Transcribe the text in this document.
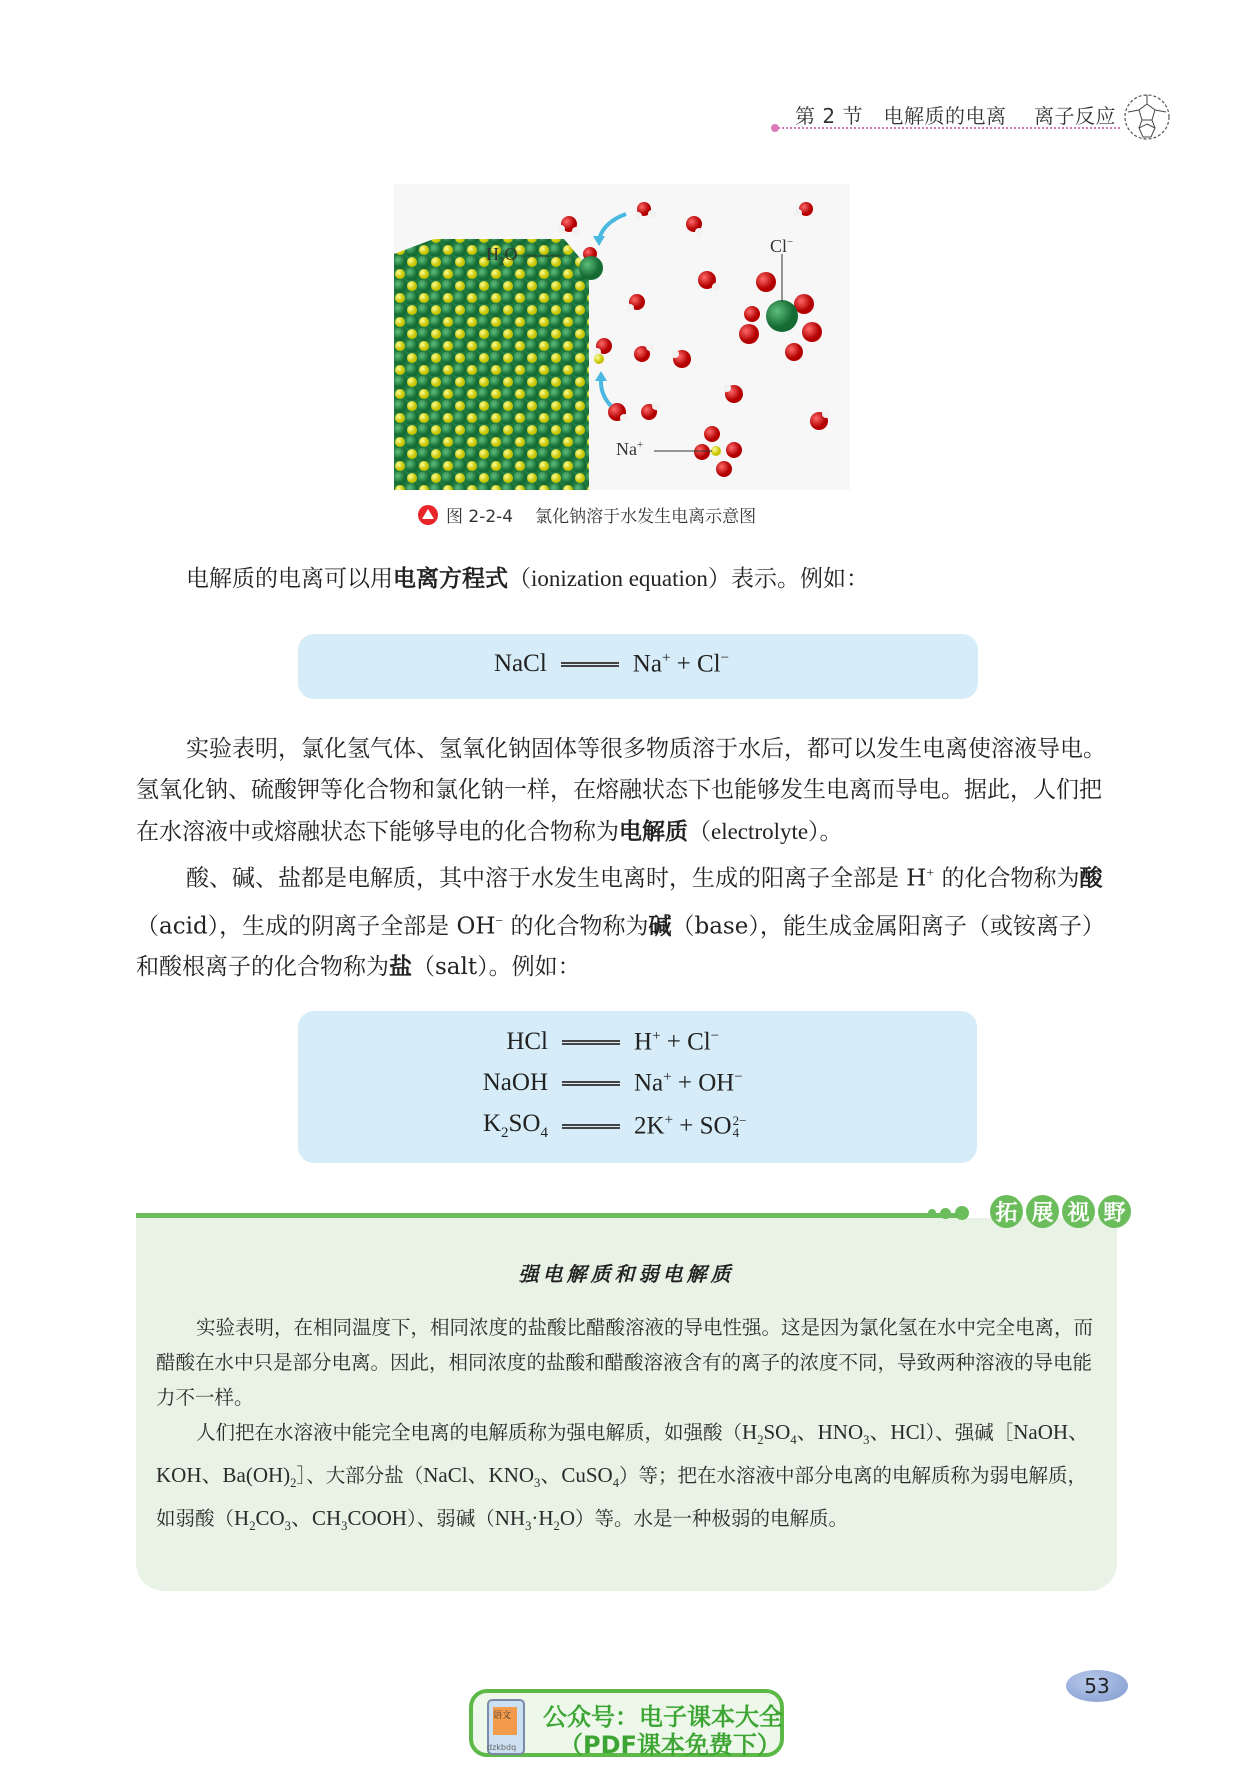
第 2 节   电解质的电离    离子反应
$H_2O$	Cl−
Na+
图 2-2-4 氯化钠溶于水发生电离示意图
电解质的电离可以用电离方程式（ionization equation）表示。例如：
NaCl	Na+ + Cl−
实验表明，氯化氢气体、氢氧化钠固体等很多物质溶于水后，都可以发生电离使溶液导电。氢氧化钠、硫酸钾等化合物和氯化钠一样，在熔融状态下也能够发生电离而导电。据此，人们把在水溶液中或熔融状态下能够导电的化合物称为电解质（electrolyte）。
酸、碱、盐都是电解质，其中溶于水发生电离时，生成的阳离子全部是 H+ 的化合物称为酸（acid），生成的阴离子全部是 OH− 的化合物称为碱（base），能生成金属阳离子（或铵离子）和酸根离子的化合物称为盐（salt）。例如：
HCl	H+ + Cl−
NaOH	Na+ + OH−
$K_2SO_4$	2K+ + SO 2−
4
强电解质和弱电解质
实验表明，在相同温度下，相同浓度的盐酸比醋酸溶液的导电性强。这是因为氯化氢在水中完全电离，而醋酸在水中只是部分电离。因此，相同浓度的盐酸和醋酸溶液含有的离子的浓度不同，导致两种溶液的导电能力不一样。
人们把在水溶液中能完全电离的电解质称为强电解质，如强酸（$H_2SO_4$、$HNO_3$、HCl）、强碱［NaOH、KOH、$Ba(OH)_2]$、大部分盐（NaCl、$KNO_3$、CuSO$_4$）等；把在水溶液中部分电离的电解质称为弱电解质，如弱酸（$H_2CO_3$、$CH_3COOH$）、弱碱$(NH_3\cdot H_2O)$等。水是一种极弱的电解质。
拓 展 视 野
53
语文
dzkbdq
公众号：电子课本大全
（PDF课本免费下）
